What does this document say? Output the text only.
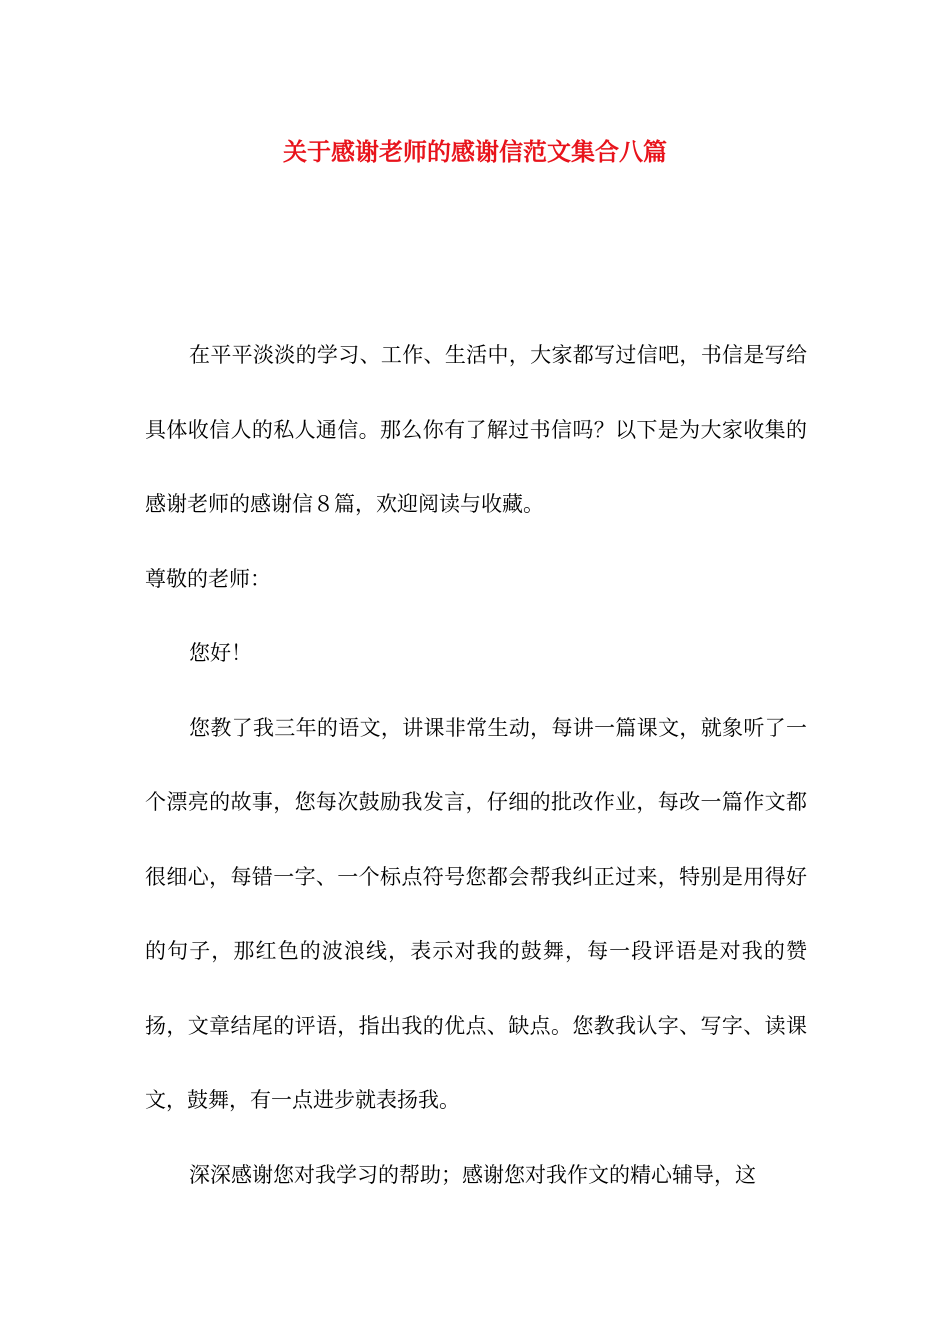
关于感谢老师的感谢信范文集合八篇

在平平淡淡的学习、工作、生活中，大家都写过信吧，书信是写给具体收信人的私人通信。那么你有了解过书信吗？以下是为大家收集的感谢老师的感谢信８篇，欢迎阅读与收藏。

尊敬的老师：

您好！

您教了我三年的语文，讲课非常生动，每讲一篇课文，就象听了一个漂亮的故事，您每次鼓励我发言，仔细的批改作业，每改一篇作文都很细心，每错一字、一个标点符号您都会帮我纠正过来，特别是用得好的句子，那红色的波浪线，表示对我的鼓舞，每一段评语是对我的赞扬，文章结尾的评语，指出我的优点、缺点。您教我认字、写字、读课文，鼓舞，有一点进步就表扬我。

深深感谢您对我学习的帮助；感谢您对我作文的精心辅导，这
